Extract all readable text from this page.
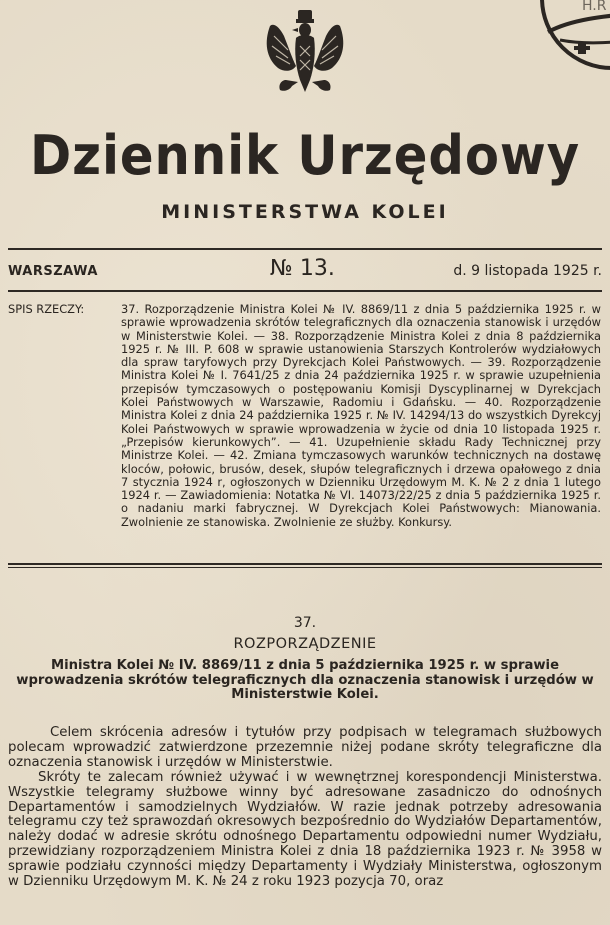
H.R
Dziennik Urzędowy
MINISTERSTWA KOLEI
WARSZAWA	№ 13.	d. 9 listopada 1925 r.
SPIS RZECZY:	37. Rozporządzenie Ministra Kolei № IV. 8869/11 z dnia 5 października 1925 r. w sprawie wprowadzenia skrótów telegraficznych dla oznaczenia stanowisk i urzędów w Ministerstwie Kolei. — 38. Rozporządzenie Ministra Kolei z dnia 8 października 1925 r. № III. P. 608 w sprawie ustanowienia Starszych Kontrolerów wydziałowych dla spraw taryfowych przy Dyrekcjach Kolei Państwowych. — 39. Rozporządzenie Ministra Kolei № I. 7641/25 z dnia 24 października 1925 r. w sprawie uzupełnienia przepisów tymczasowych o postępowaniu Komisji Dyscyplinarnej w Dyrekcjach Kolei Państwowych w Warszawie, Radomiu i Gdańsku. — 40. Rozporządzenie Ministra Kolei z dnia 24 października 1925 r. № IV. 14294/13 do wszystkich Dyrekcyj Kolei Państwowych w sprawie wprowadzenia w życie od dnia 10 listopada 1925 r. „Przepisów kierunkowych”. — 41. Uzupełnienie składu Rady Technicznej przy Ministrze Kolei. — 42. Zmiana tymczasowych warunków technicznych na dostawę kloców, połowic, brusów, desek, słupów telegraficznych i drzewa opałowego z dnia 7 stycznia 1924 r, ogłoszonych w Dzienniku Urzędowym M. K. № 2 z dnia 1 lutego 1924 r. — Zawiadomienia: Notatka № VI. 14073/22/25 z dnia 5 października 1925 r. o nadaniu marki fabrycznej. W Dyrekcjach Kolei Państwowych: Mianowania. Zwolnienie ze stanowiska. Zwolnienie ze służby. Konkursy.
37.
ROZPORZĄDZENIE
Ministra Kolei № IV. 8869/11 z dnia 5 października 1925 r. w sprawie wprowadzenia skrótów telegraficznych dla oznaczenia stanowisk i urzędów w Ministerstwie Kolei.

Celem skrócenia adresów i tytułów przy podpisach w telegramach służbowych polecam wprowadzić zatwierdzone przezemnie niżej podane skróty telegraficzne dla oznaczenia stanowisk i urzędów w Ministerstwie.

Skróty te zalecam również używać i w wewnętrznej korespondencji Ministerstwa. Wszystkie telegramy służbowe winny być adresowane zasadniczo do odnośnych Departamentów i samodzielnych Wydziałów. W razie jednak potrzeby adresowania telegramu czy też sprawozdań okresowych bezpośrednio do Wydziałów Departamentów, należy dodać w adresie skrótu odnośnego Departamentu odpowiedni numer Wydziału, przewidziany rozporządzeniem Ministra Kolei z dnia 18 października 1923 r. № 3958 w sprawie podziału czynności między Departamenty i Wydziały Ministerstwa, ogłoszonym w Dzienniku Urzędowym M. K. № 24 z roku 1923 pozycja 70, oraz
